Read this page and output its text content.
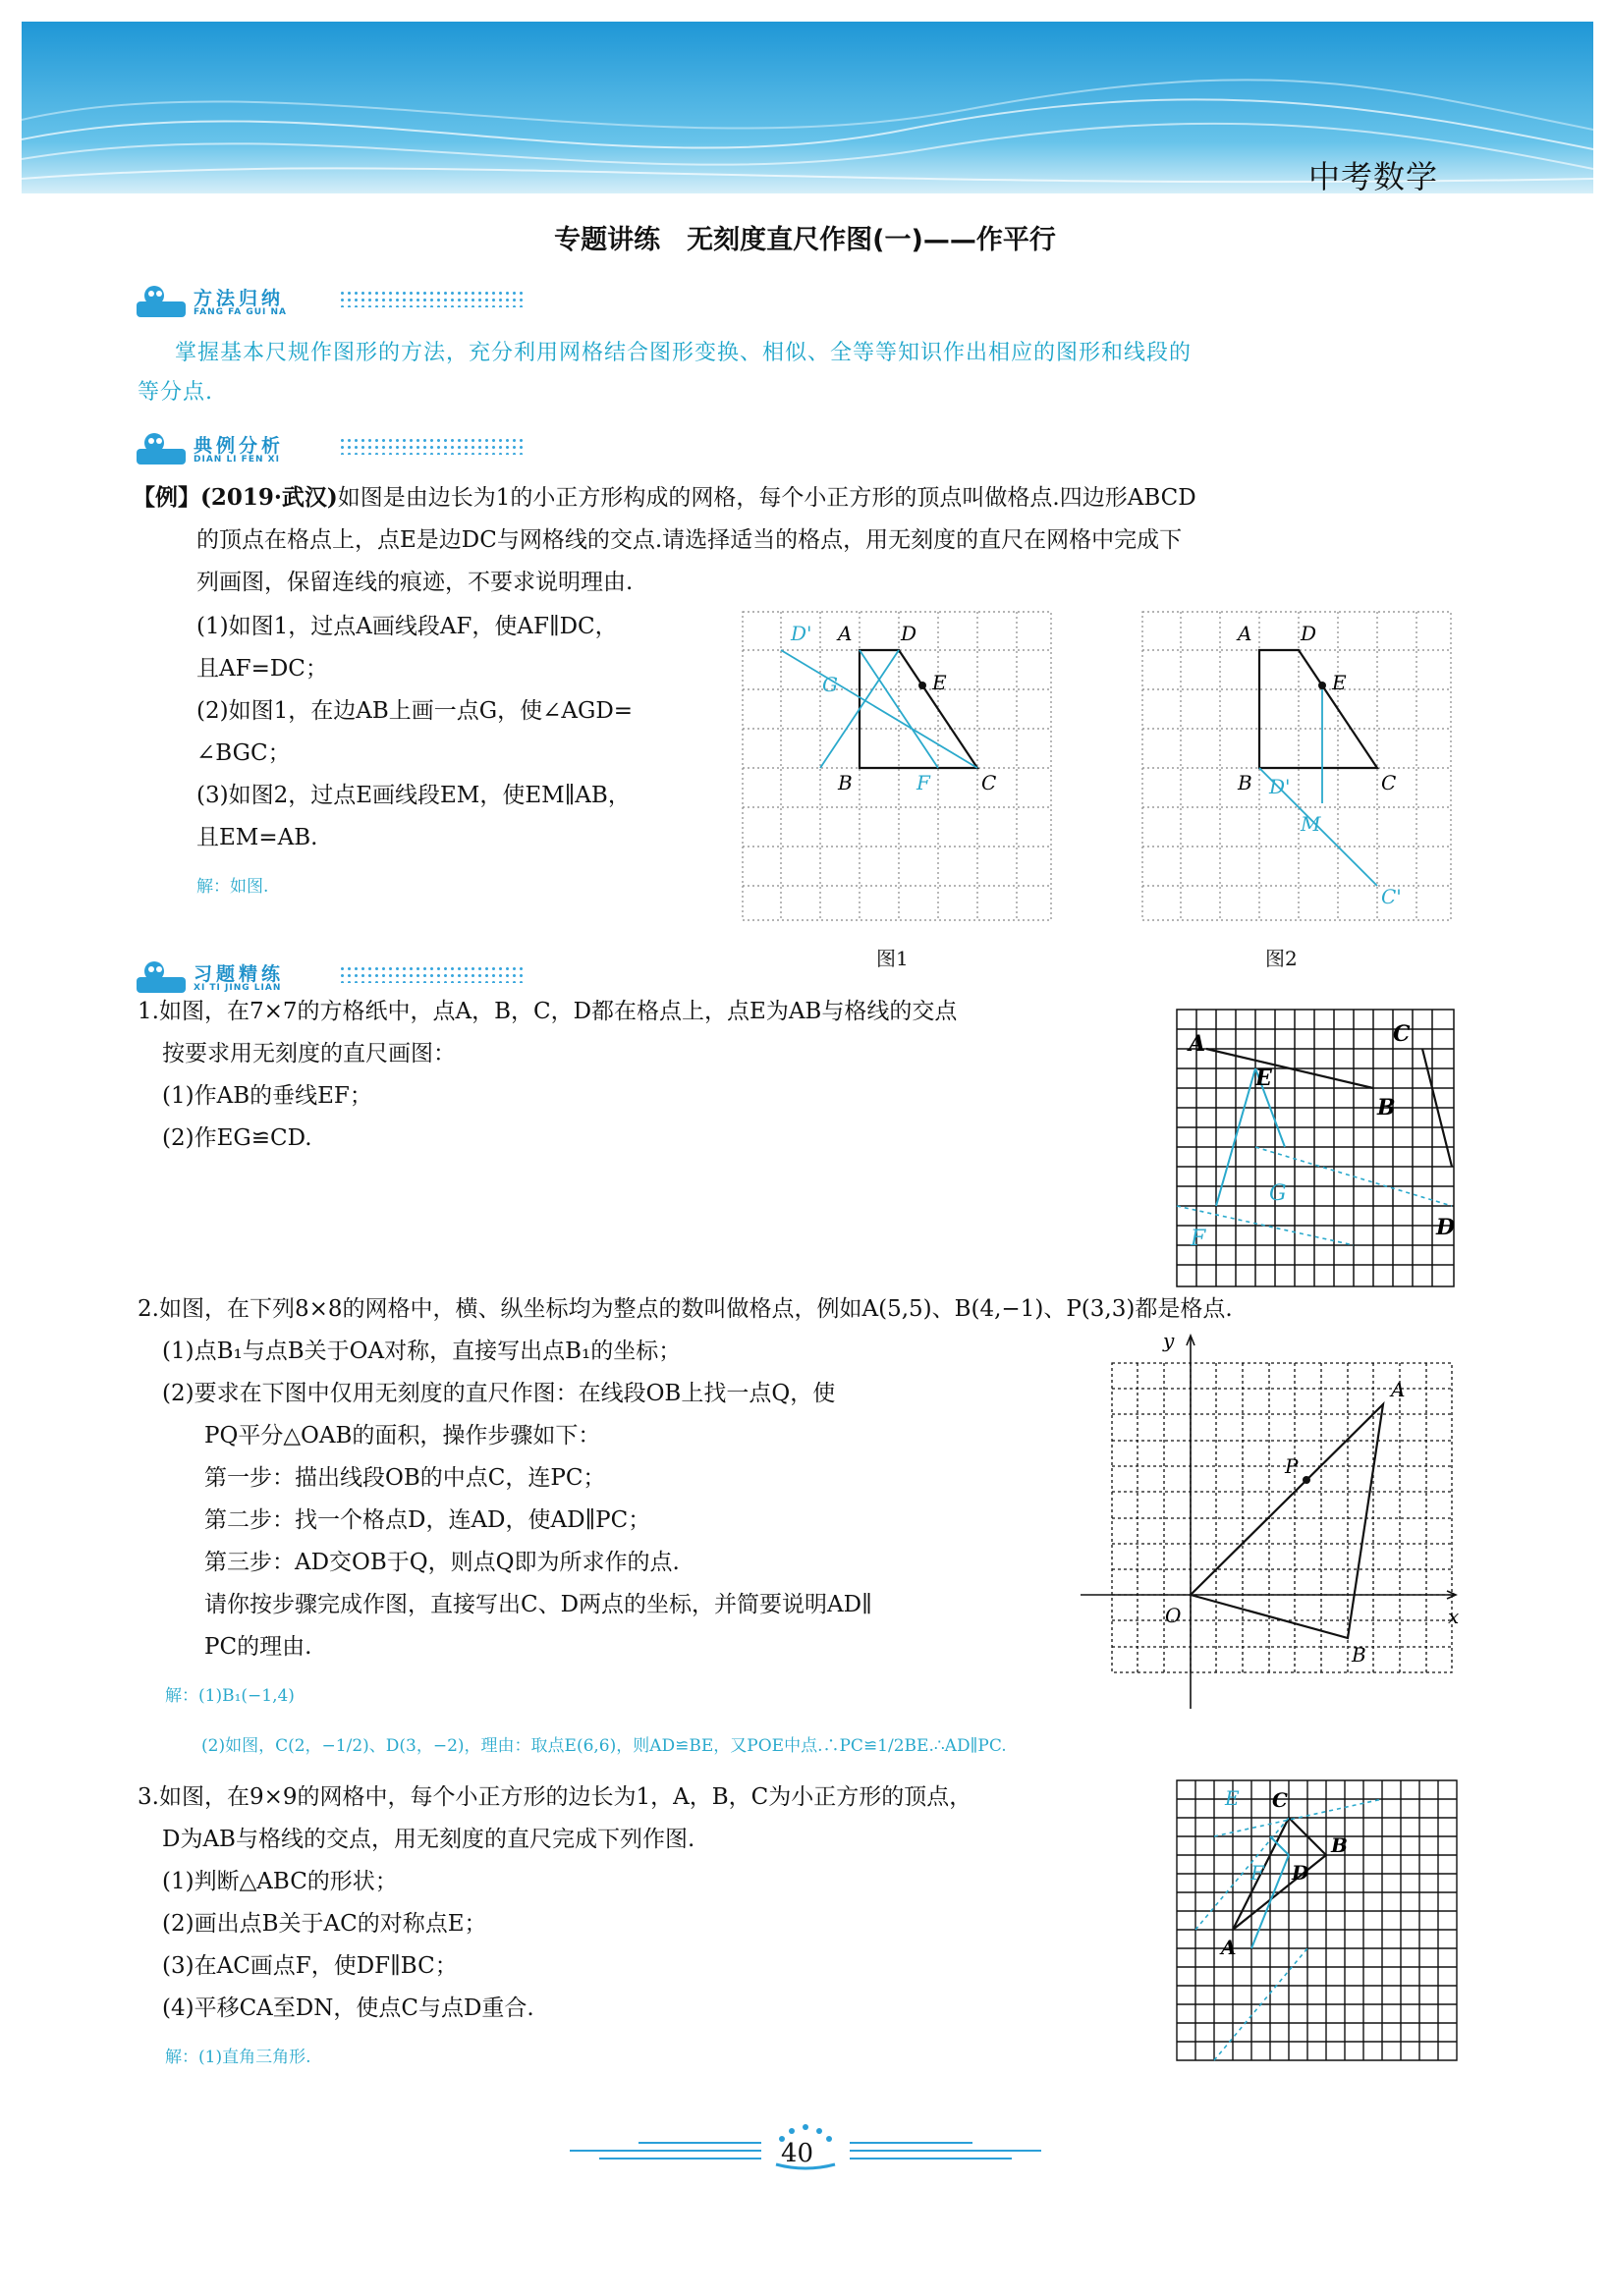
中考数学
专题讲练　无刻度直尺作图(一)——作平行
方法归纳
FANG FA GUI NA
掌握基本尺规作图形的方法，充分利用网格结合图形变换、相似、全等等知识作出相应的图形和线段的
等分点.
典例分析
DIAN LI FEN XI
【例】(2019·武汉)如图是由边长为1的小正方形构成的网格，每个小正方形的顶点叫做格点.四边形ABCD
的顶点在格点上，点E是边DC与网格线的交点.请选择适当的格点，用无刻度的直尺在网格中完成下
列画图，保留连线的痕迹，不要求说明理由.
(1)如图1，过点A画线段AF，使AF∥DC，
且AF=DC；
(2)如图1，在边AB上画一点G，使∠AGD=
∠BGC；
(3)如图2，过点E画线段EM，使EM∥AB，
且EM=AB.
解：如图.
D' A D
G	E
B	F	C
图1
A D
E
B D'	C
M
C'
图2
习题精练
XI TI JING LIAN
1.如图，在7×7的方格纸中，点A，B，C，D都在格点上，点E为AB与格线的交点
按要求用无刻度的直尺画图：
(1)作AB的垂线EF；
(2)作EG≌CD.
A	C
E
B
G
D
F
2.如图，在下列8×8的网格中，横、纵坐标均为整点的数叫做格点，例如A(5,5)、B(4,−1)、P(3,3)都是格点.
(1)点B₁与点B关于OA对称，直接写出点B₁的坐标；
(2)要求在下图中仅用无刻度的直尺作图：在线段OB上找一点Q，使
PQ平分△OAB的面积，操作步骤如下：
第一步：描出线段OB的中点C，连PC；
第二步：找一个格点D，连AD，使AD∥PC；
第三步：AD交OB于Q，则点Q即为所求作的点.
请你按步骤完成作图，直接写出C、D两点的坐标，并简要说明AD∥
PC的理由.
解：(1)B₁(−1,4)
(2)如图，C(2，−1/2)、D(3，−2)，理由：取点E(6,6)，则AD≌BE，又POE中点.∴PC≌1/2BE.∴AD∥PC.
y
A
P
O	x
B
3.如图，在9×9的网格中，每个小正方形的边长为1，A，B，C为小正方形的顶点，
D为AB与格线的交点，用无刻度的直尺完成下列作图.
(1)判断△ABC的形状；
(2)画出点B关于AC的对称点E；
(3)在AC画点F，使DF∥BC；
(4)平移CA至DN，使点C与点D重合.
解：(1)直角三角形.
E C
B
F D
A
40
